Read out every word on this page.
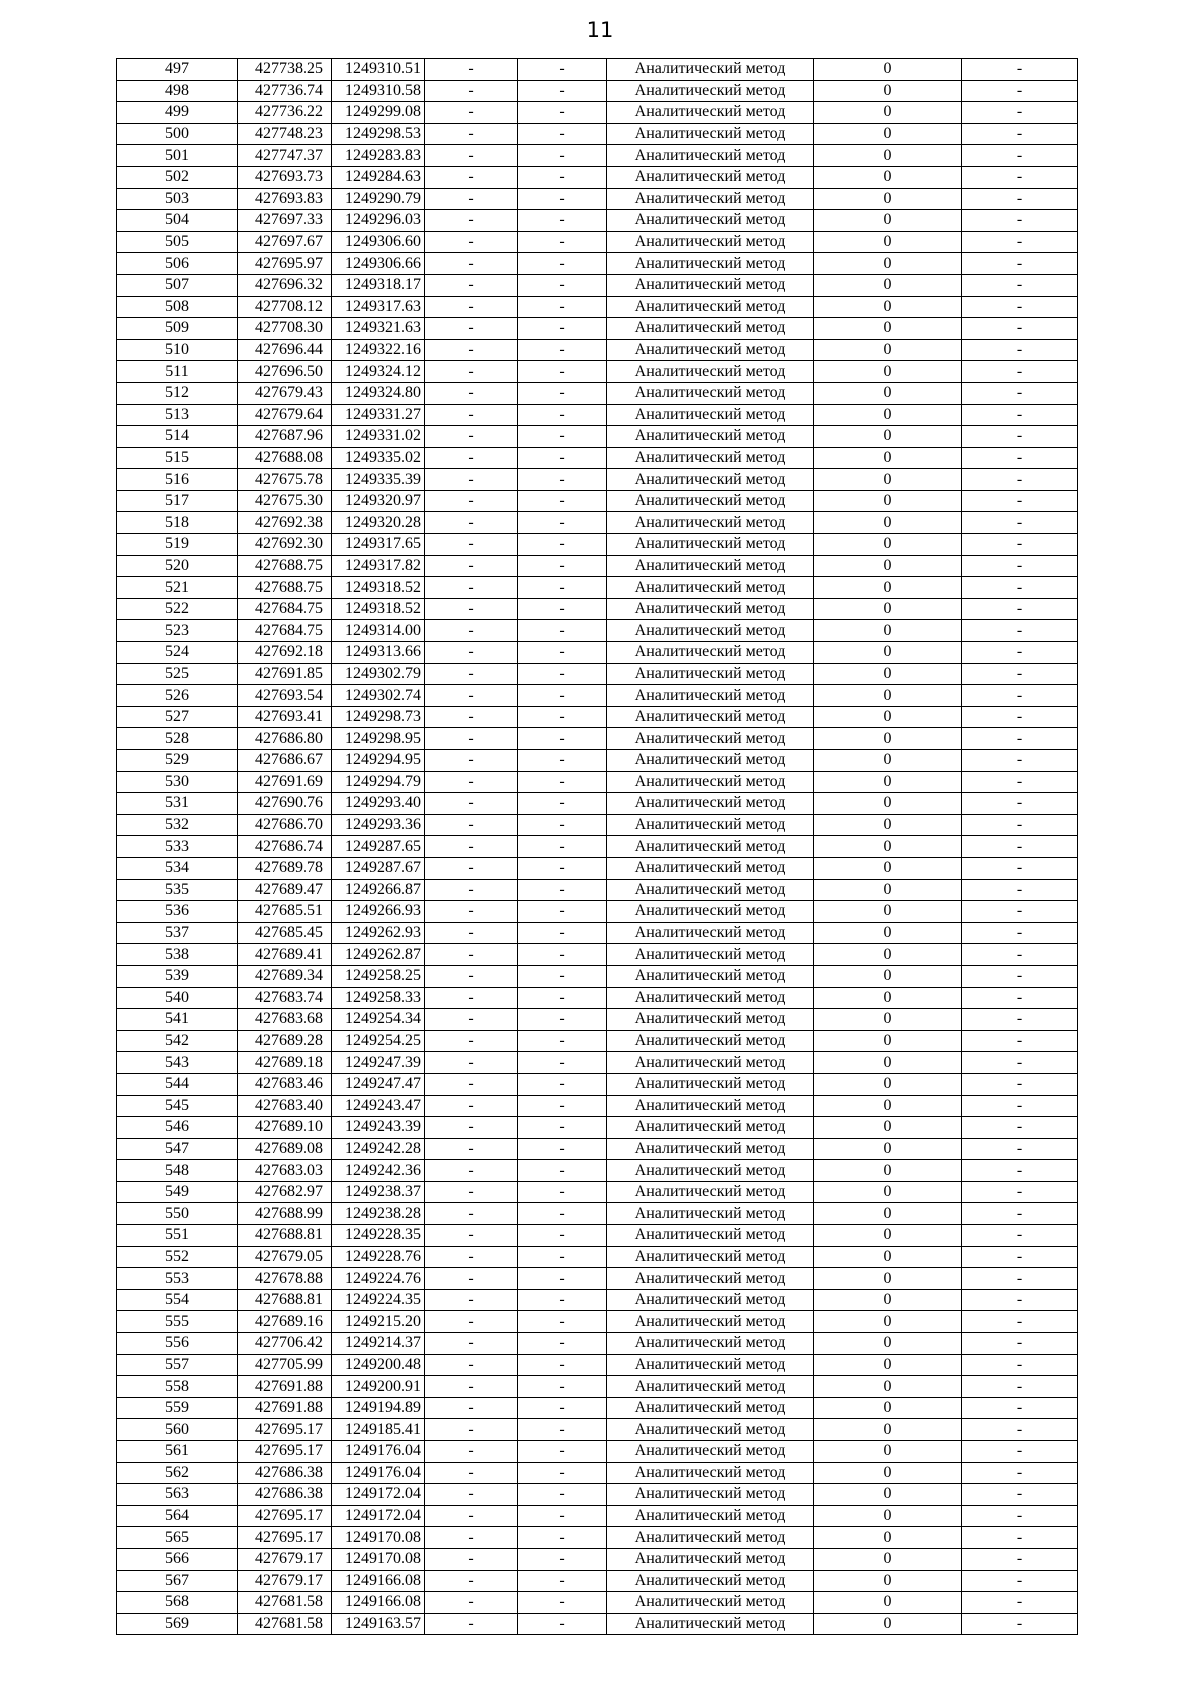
11
497	427738.25	1249310.51	-	-	Аналитический метод	0	-
498	427736.74	1249310.58	-	-	Аналитический метод	0	-
499	427736.22	1249299.08	-	-	Аналитический метод	0	-
500	427748.23	1249298.53	-	-	Аналитический метод	0	-
501	427747.37	1249283.83	-	-	Аналитический метод	0	-
502	427693.73	1249284.63	-	-	Аналитический метод	0	-
503	427693.83	1249290.79	-	-	Аналитический метод	0	-
504	427697.33	1249296.03	-	-	Аналитический метод	0	-
505	427697.67	1249306.60	-	-	Аналитический метод	0	-
506	427695.97	1249306.66	-	-	Аналитический метод	0	-
507	427696.32	1249318.17	-	-	Аналитический метод	0	-
508	427708.12	1249317.63	-	-	Аналитический метод	0	-
509	427708.30	1249321.63	-	-	Аналитический метод	0	-
510	427696.44	1249322.16	-	-	Аналитический метод	0	-
511	427696.50	1249324.12	-	-	Аналитический метод	0	-
512	427679.43	1249324.80	-	-	Аналитический метод	0	-
513	427679.64	1249331.27	-	-	Аналитический метод	0	-
514	427687.96	1249331.02	-	-	Аналитический метод	0	-
515	427688.08	1249335.02	-	-	Аналитический метод	0	-
516	427675.78	1249335.39	-	-	Аналитический метод	0	-
517	427675.30	1249320.97	-	-	Аналитический метод	0	-
518	427692.38	1249320.28	-	-	Аналитический метод	0	-
519	427692.30	1249317.65	-	-	Аналитический метод	0	-
520	427688.75	1249317.82	-	-	Аналитический метод	0	-
521	427688.75	1249318.52	-	-	Аналитический метод	0	-
522	427684.75	1249318.52	-	-	Аналитический метод	0	-
523	427684.75	1249314.00	-	-	Аналитический метод	0	-
524	427692.18	1249313.66	-	-	Аналитический метод	0	-
525	427691.85	1249302.79	-	-	Аналитический метод	0	-
526	427693.54	1249302.74	-	-	Аналитический метод	0	-
527	427693.41	1249298.73	-	-	Аналитический метод	0	-
528	427686.80	1249298.95	-	-	Аналитический метод	0	-
529	427686.67	1249294.95	-	-	Аналитический метод	0	-
530	427691.69	1249294.79	-	-	Аналитический метод	0	-
531	427690.76	1249293.40	-	-	Аналитический метод	0	-
532	427686.70	1249293.36	-	-	Аналитический метод	0	-
533	427686.74	1249287.65	-	-	Аналитический метод	0	-
534	427689.78	1249287.67	-	-	Аналитический метод	0	-
535	427689.47	1249266.87	-	-	Аналитический метод	0	-
536	427685.51	1249266.93	-	-	Аналитический метод	0	-
537	427685.45	1249262.93	-	-	Аналитический метод	0	-
538	427689.41	1249262.87	-	-	Аналитический метод	0	-
539	427689.34	1249258.25	-	-	Аналитический метод	0	-
540	427683.74	1249258.33	-	-	Аналитический метод	0	-
541	427683.68	1249254.34	-	-	Аналитический метод	0	-
542	427689.28	1249254.25	-	-	Аналитический метод	0	-
543	427689.18	1249247.39	-	-	Аналитический метод	0	-
544	427683.46	1249247.47	-	-	Аналитический метод	0	-
545	427683.40	1249243.47	-	-	Аналитический метод	0	-
546	427689.10	1249243.39	-	-	Аналитический метод	0	-
547	427689.08	1249242.28	-	-	Аналитический метод	0	-
548	427683.03	1249242.36	-	-	Аналитический метод	0	-
549	427682.97	1249238.37	-	-	Аналитический метод	0	-
550	427688.99	1249238.28	-	-	Аналитический метод	0	-
551	427688.81	1249228.35	-	-	Аналитический метод	0	-
552	427679.05	1249228.76	-	-	Аналитический метод	0	-
553	427678.88	1249224.76	-	-	Аналитический метод	0	-
554	427688.81	1249224.35	-	-	Аналитический метод	0	-
555	427689.16	1249215.20	-	-	Аналитический метод	0	-
556	427706.42	1249214.37	-	-	Аналитический метод	0	-
557	427705.99	1249200.48	-	-	Аналитический метод	0	-
558	427691.88	1249200.91	-	-	Аналитический метод	0	-
559	427691.88	1249194.89	-	-	Аналитический метод	0	-
560	427695.17	1249185.41	-	-	Аналитический метод	0	-
561	427695.17	1249176.04	-	-	Аналитический метод	0	-
562	427686.38	1249176.04	-	-	Аналитический метод	0	-
563	427686.38	1249172.04	-	-	Аналитический метод	0	-
564	427695.17	1249172.04	-	-	Аналитический метод	0	-
565	427695.17	1249170.08	-	-	Аналитический метод	0	-
566	427679.17	1249170.08	-	-	Аналитический метод	0	-
567	427679.17	1249166.08	-	-	Аналитический метод	0	-
568	427681.58	1249166.08	-	-	Аналитический метод	0	-
569	427681.58	1249163.57	-	-	Аналитический метод	0	-
